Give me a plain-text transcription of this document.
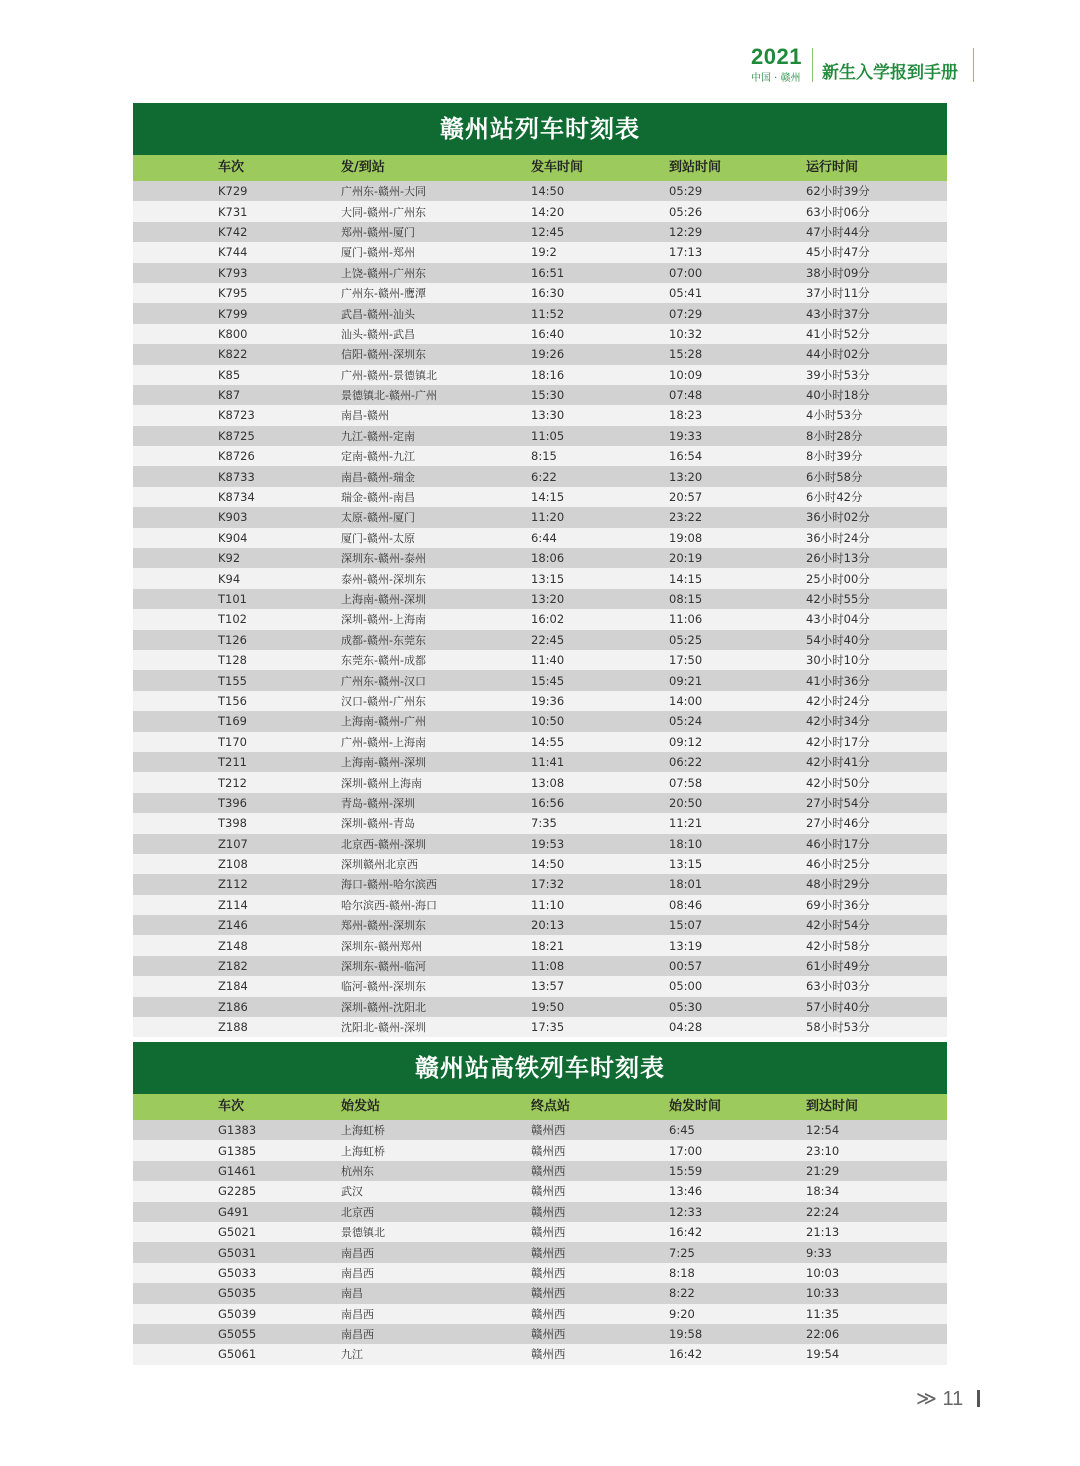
2021
中国 · 赣州 新生入学报到手册
赣州站列车时刻表
车次	发/到站	发车时间	到站时间	运行时间
K729	广州东-赣州-大同	14:50	05:29	62小时39分
K731	大同-赣州-广州东	14:20	05:26	63小时06分
K742	郑州-赣州-厦门	12:45	12:29	47小时44分
K744	厦门-赣州-郑州	19:2	17:13	45小时47分
K793	上饶-赣州-广州东	16:51	07:00	38小时09分
K795	广州东-赣州-鹰潭	16:30	05:41	37小时11分
K799	武昌-赣州-汕头	11:52	07:29	43小时37分
K800	汕头-赣州-武昌	16:40	10:32	41小时52分
K822	信阳-赣州-深圳东	19:26	15:28	44小时02分
K85	广州-赣州-景德镇北	18:16	10:09	39小时53分
K87	景德镇北-赣州-广州	15:30	07:48	40小时18分
K8723	南昌-赣州	13:30	18:23	4小时53分
K8725	九江-赣州-定南	11:05	19:33	8小时28分
K8726	定南-赣州-九江	8:15	16:54	8小时39分
K8733	南昌-赣州-瑞金	6:22	13:20	6小时58分
K8734	瑞金-赣州-南昌	14:15	20:57	6小时42分
K903	太原-赣州-厦门	11:20	23:22	36小时02分
K904	厦门-赣州-太原	6:44	19:08	36小时24分
K92	深圳东-赣州-泰州	18:06	20:19	26小时13分
K94	泰州-赣州-深圳东	13:15	14:15	25小时00分
T101	上海南-赣州-深圳	13:20	08:15	42小时55分
T102	深圳-赣州-上海南	16:02	11:06	43小时04分
T126	成都-赣州-东莞东	22:45	05:25	54小时40分
T128	东莞东-赣州-成都	11:40	17:50	30小时10分
T155	广州东-赣州-汉口	15:45	09:21	41小时36分
T156	汉口-赣州-广州东	19:36	14:00	42小时24分
T169	上海南-赣州-广州	10:50	05:24	42小时34分
T170	广州-赣州-上海南	14:55	09:12	42小时17分
T211	上海南-赣州-深圳	11:41	06:22	42小时41分
T212	深圳-赣州上海南	13:08	07:58	42小时50分
T396	青岛-赣州-深圳	16:56	20:50	27小时54分
T398	深圳-赣州-青岛	7:35	11:21	27小时46分
Z107	北京西-赣州-深圳	19:53	18:10	46小时17分
Z108	深圳赣州北京西	14:50	13:15	46小时25分
Z112	海口-赣州-哈尔滨西	17:32	18:01	48小时29分
Z114	哈尔滨西-赣州-海口	11:10	08:46	69小时36分
Z146	郑州-赣州-深圳东	20:13	15:07	42小时54分
Z148	深圳东-赣州郑州	18:21	13:19	42小时58分
Z182	深圳东-赣州-临河	11:08	00:57	61小时49分
Z184	临河-赣州-深圳东	13:57	05:00	63小时03分
Z186	深圳-赣州-沈阳北	19:50	05:30	57小时40分
Z188	沈阳北-赣州-深圳	17:35	04:28	58小时53分
赣州站高铁列车时刻表
车次	始发站	终点站	始发时间	到达时间
G1383	上海虹桥	赣州西	6:45	12:54
G1385	上海虹桥	赣州西	17:00	23:10
G1461	杭州东	赣州西	15:59	21:29
G2285	武汉	赣州西	13:46	18:34
G491	北京西	赣州西	12:33	22:24
G5021	景德镇北	赣州西	16:42	21:13
G5031	南昌西	赣州西	7:25	9:33
G5033	南昌西	赣州西	8:18	10:03
G5035	南昌	赣州西	8:22	10:33
G5039	南昌西	赣州西	9:20	11:35
G5055	南昌西	赣州西	19:58	22:06
G5061	九江	赣州西	16:42	19:54
≫ 11
